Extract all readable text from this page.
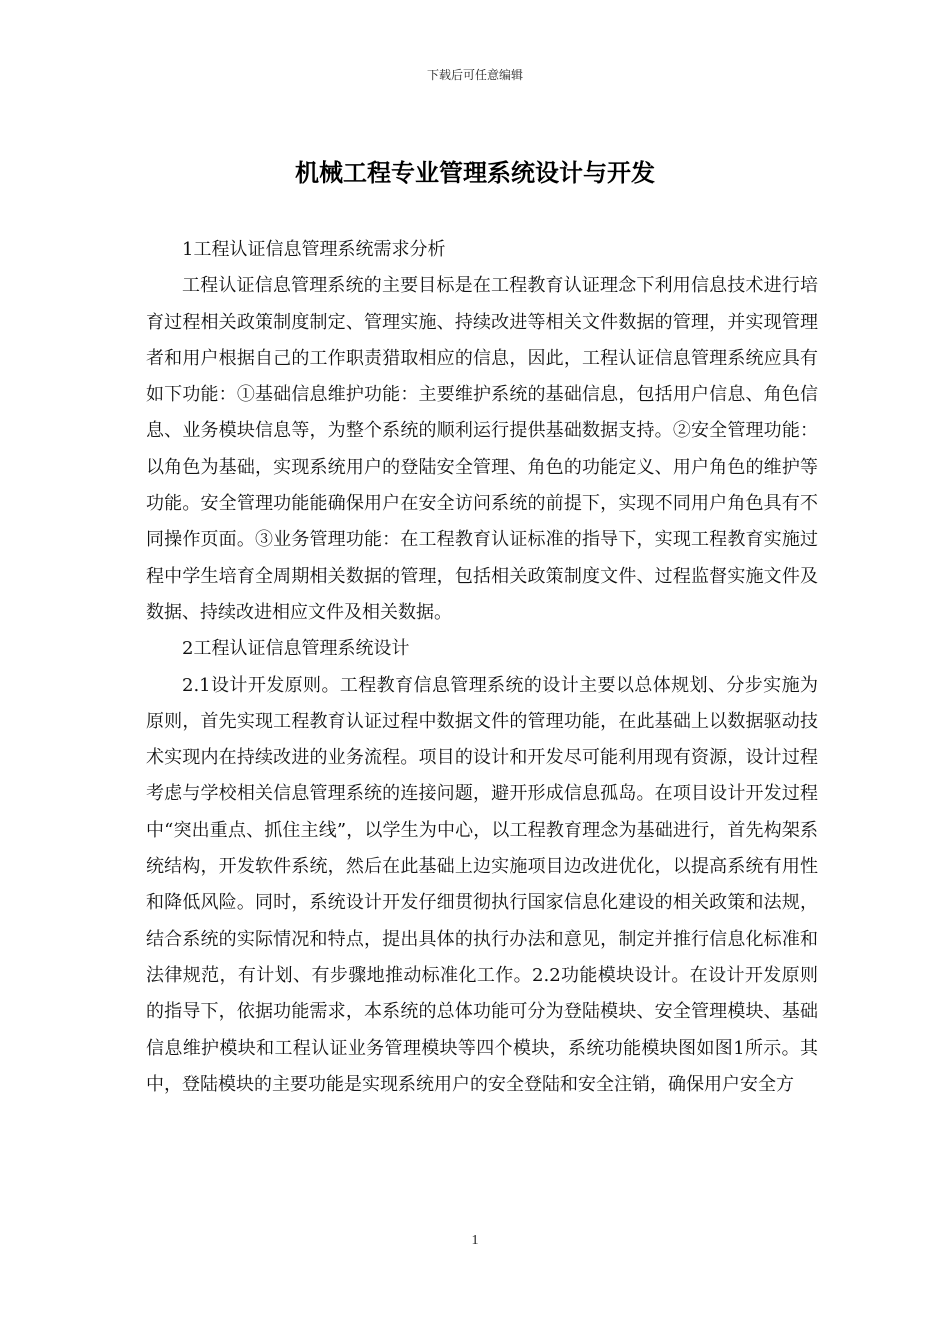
下载后可任意编辑
机械工程专业管理系统设计与开发

1工程认证信息管理系统需求分析

工程认证信息管理系统的主要目标是在工程教育认证理念下利用信息技术进行培育过程相关政策制度制定、管理实施、持续改进等相关文件数据的管理，并实现管理者和用户根据自己的工作职责猎取相应的信息，因此，工程认证信息管理系统应具有如下功能：①基础信息维护功能：主要维护系统的基础信息，包括用户信息、角色信息、业务模块信息等，为整个系统的顺利运行提供基础数据支持。②安全管理功能：以角色为基础，实现系统用户的登陆安全管理、角色的功能定义、用户角色的维护等功能。安全管理功能能确保用户在安全访问系统的前提下，实现不同用户角色具有不同操作页面。③业务管理功能：在工程教育认证标准的指导下，实现工程教育实施过程中学生培育全周期相关数据的管理，包括相关政策制度文件、过程监督实施文件及数据、持续改进相应文件及相关数据。

2工程认证信息管理系统设计

2.1设计开发原则。工程教育信息管理系统的设计主要以总体规划、分步实施为原则，首先实现工程教育认证过程中数据文件的管理功能，在此基础上以数据驱动技术实现内在持续改进的业务流程。项目的设计和开发尽可能利用现有资源，设计过程考虑与学校相关信息管理系统的连接问题，避开形成信息孤岛。在项目设计开发过程中“突出重点、抓住主线”，以学生为中心，以工程教育理念为基础进行，首先构架系统结构，开发软件系统，然后在此基础上边实施项目边改进优化，以提高系统有用性和降低风险。同时，系统设计开发仔细贯彻执行国家信息化建设的相关政策和法规，结合系统的实际情况和特点，提出具体的执行办法和意见，制定并推行信息化标准和法律规范，有计划、有步骤地推动标准化工作。2.2功能模块设计。在设计开发原则的指导下，依据功能需求，本系统的总体功能可分为登陆模块、安全管理模块、基础信息维护模块和工程认证业务管理模块等四个模块，系统功能模块图如图1所示。其中，登陆模块的主要功能是实现系统用户的安全登陆和安全注销，确保用户安全方

1
